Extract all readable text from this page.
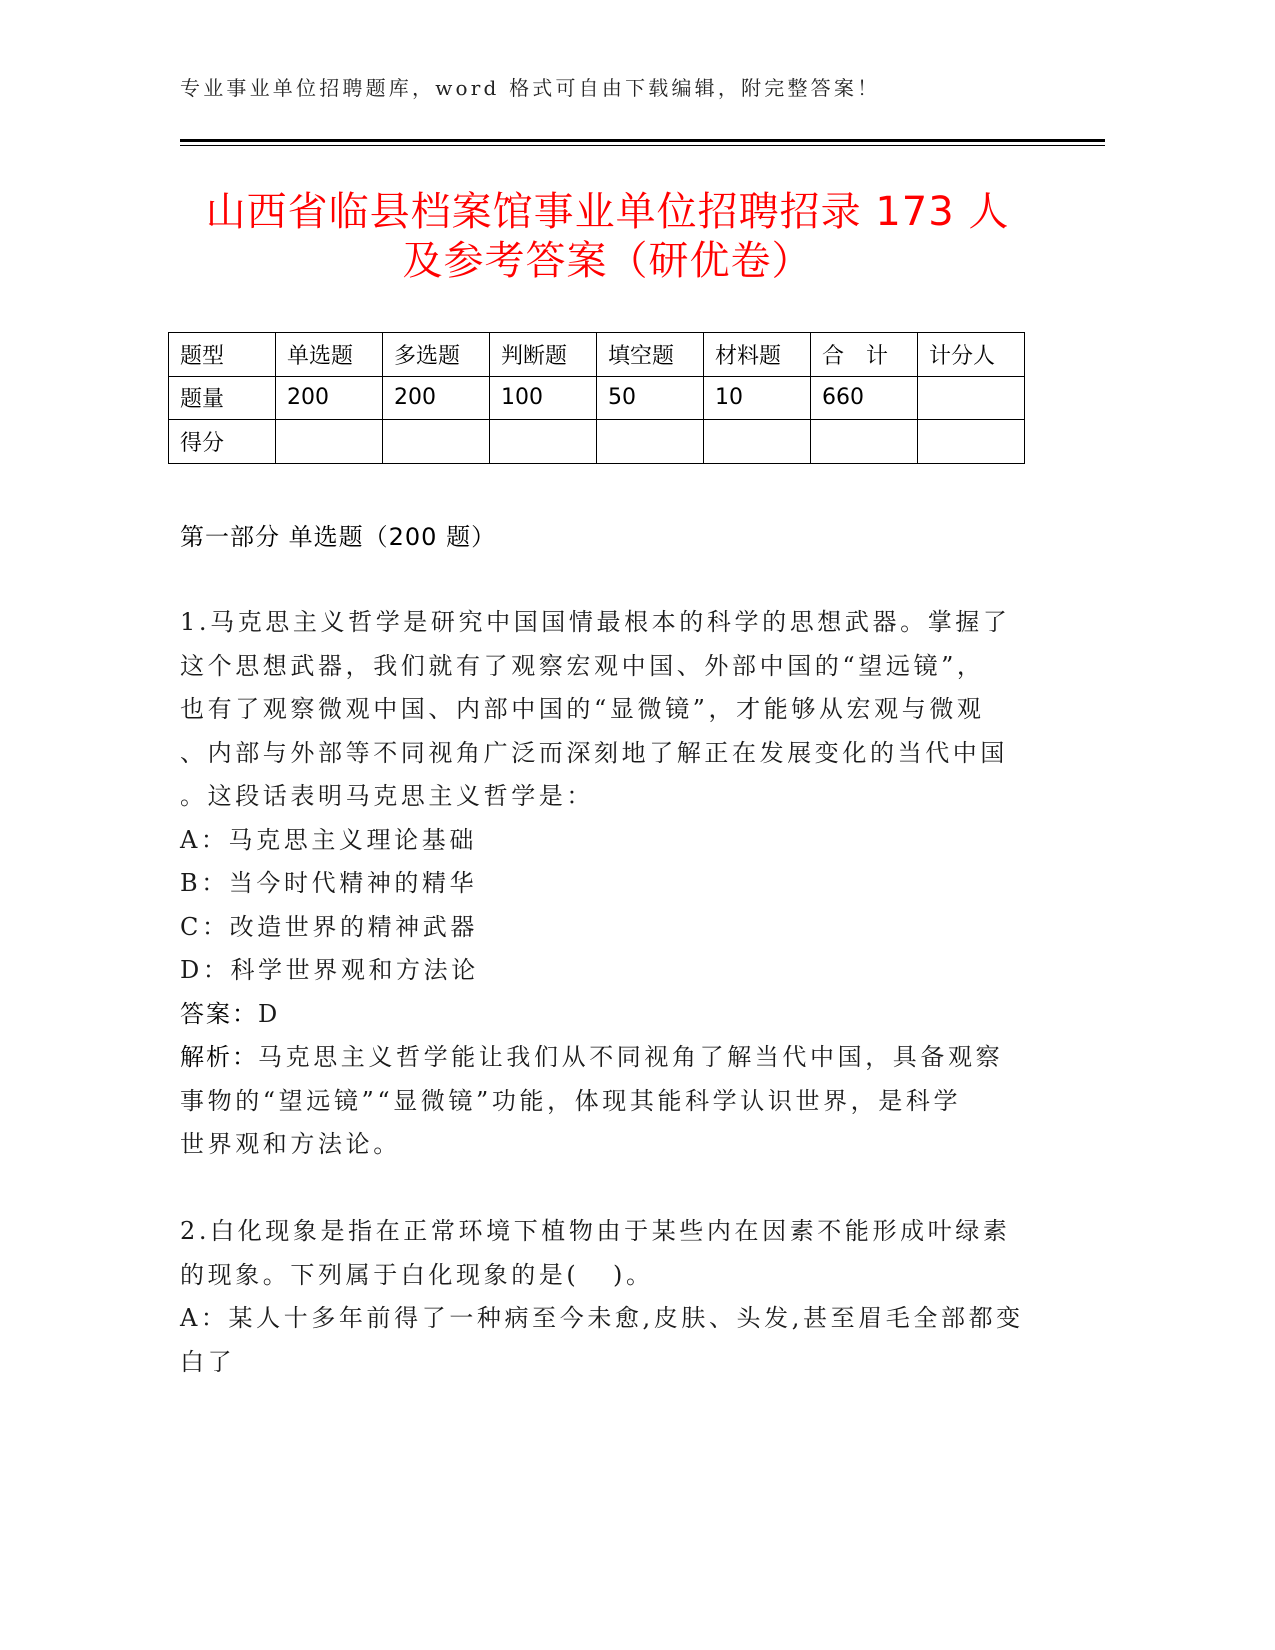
专业事业单位招聘题库，word 格式可自由下载编辑，附完整答案！
山西省临县档案馆事业单位招聘招录 173 人
及参考答案（研优卷）
题型	单选题	多选题	判断题	填空题	材料题	合　计	计分人
题量	200	200	100	50	10	660	
得分							
第一部分 单选题（200 题）
1.马克思主义哲学是研究中国国情最根本的科学的思想武器。掌握了
这个思想武器，我们就有了观察宏观中国、外部中国的“望远镜”，
也有了观察微观中国、内部中国的“显微镜”，才能够从宏观与微观
、内部与外部等不同视角广泛而深刻地了解正在发展变化的当代中国
。这段话表明马克思主义哲学是：
A：马克思主义理论基础
B：当今时代精神的精华
C：改造世界的精神武器
D：科学世界观和方法论
答案：D
解析：马克思主义哲学能让我们从不同视角了解当代中国，具备观察
事物的“望远镜”“显微镜”功能，体现其能科学认识世界，是科学
世界观和方法论。
2.白化现象是指在正常环境下植物由于某些内在因素不能形成叶绿素
的现象。下列属于白化现象的是(   )。
A：某人十多年前得了一种病至今未愈,皮肤、头发,甚至眉毛全部都变
白了
